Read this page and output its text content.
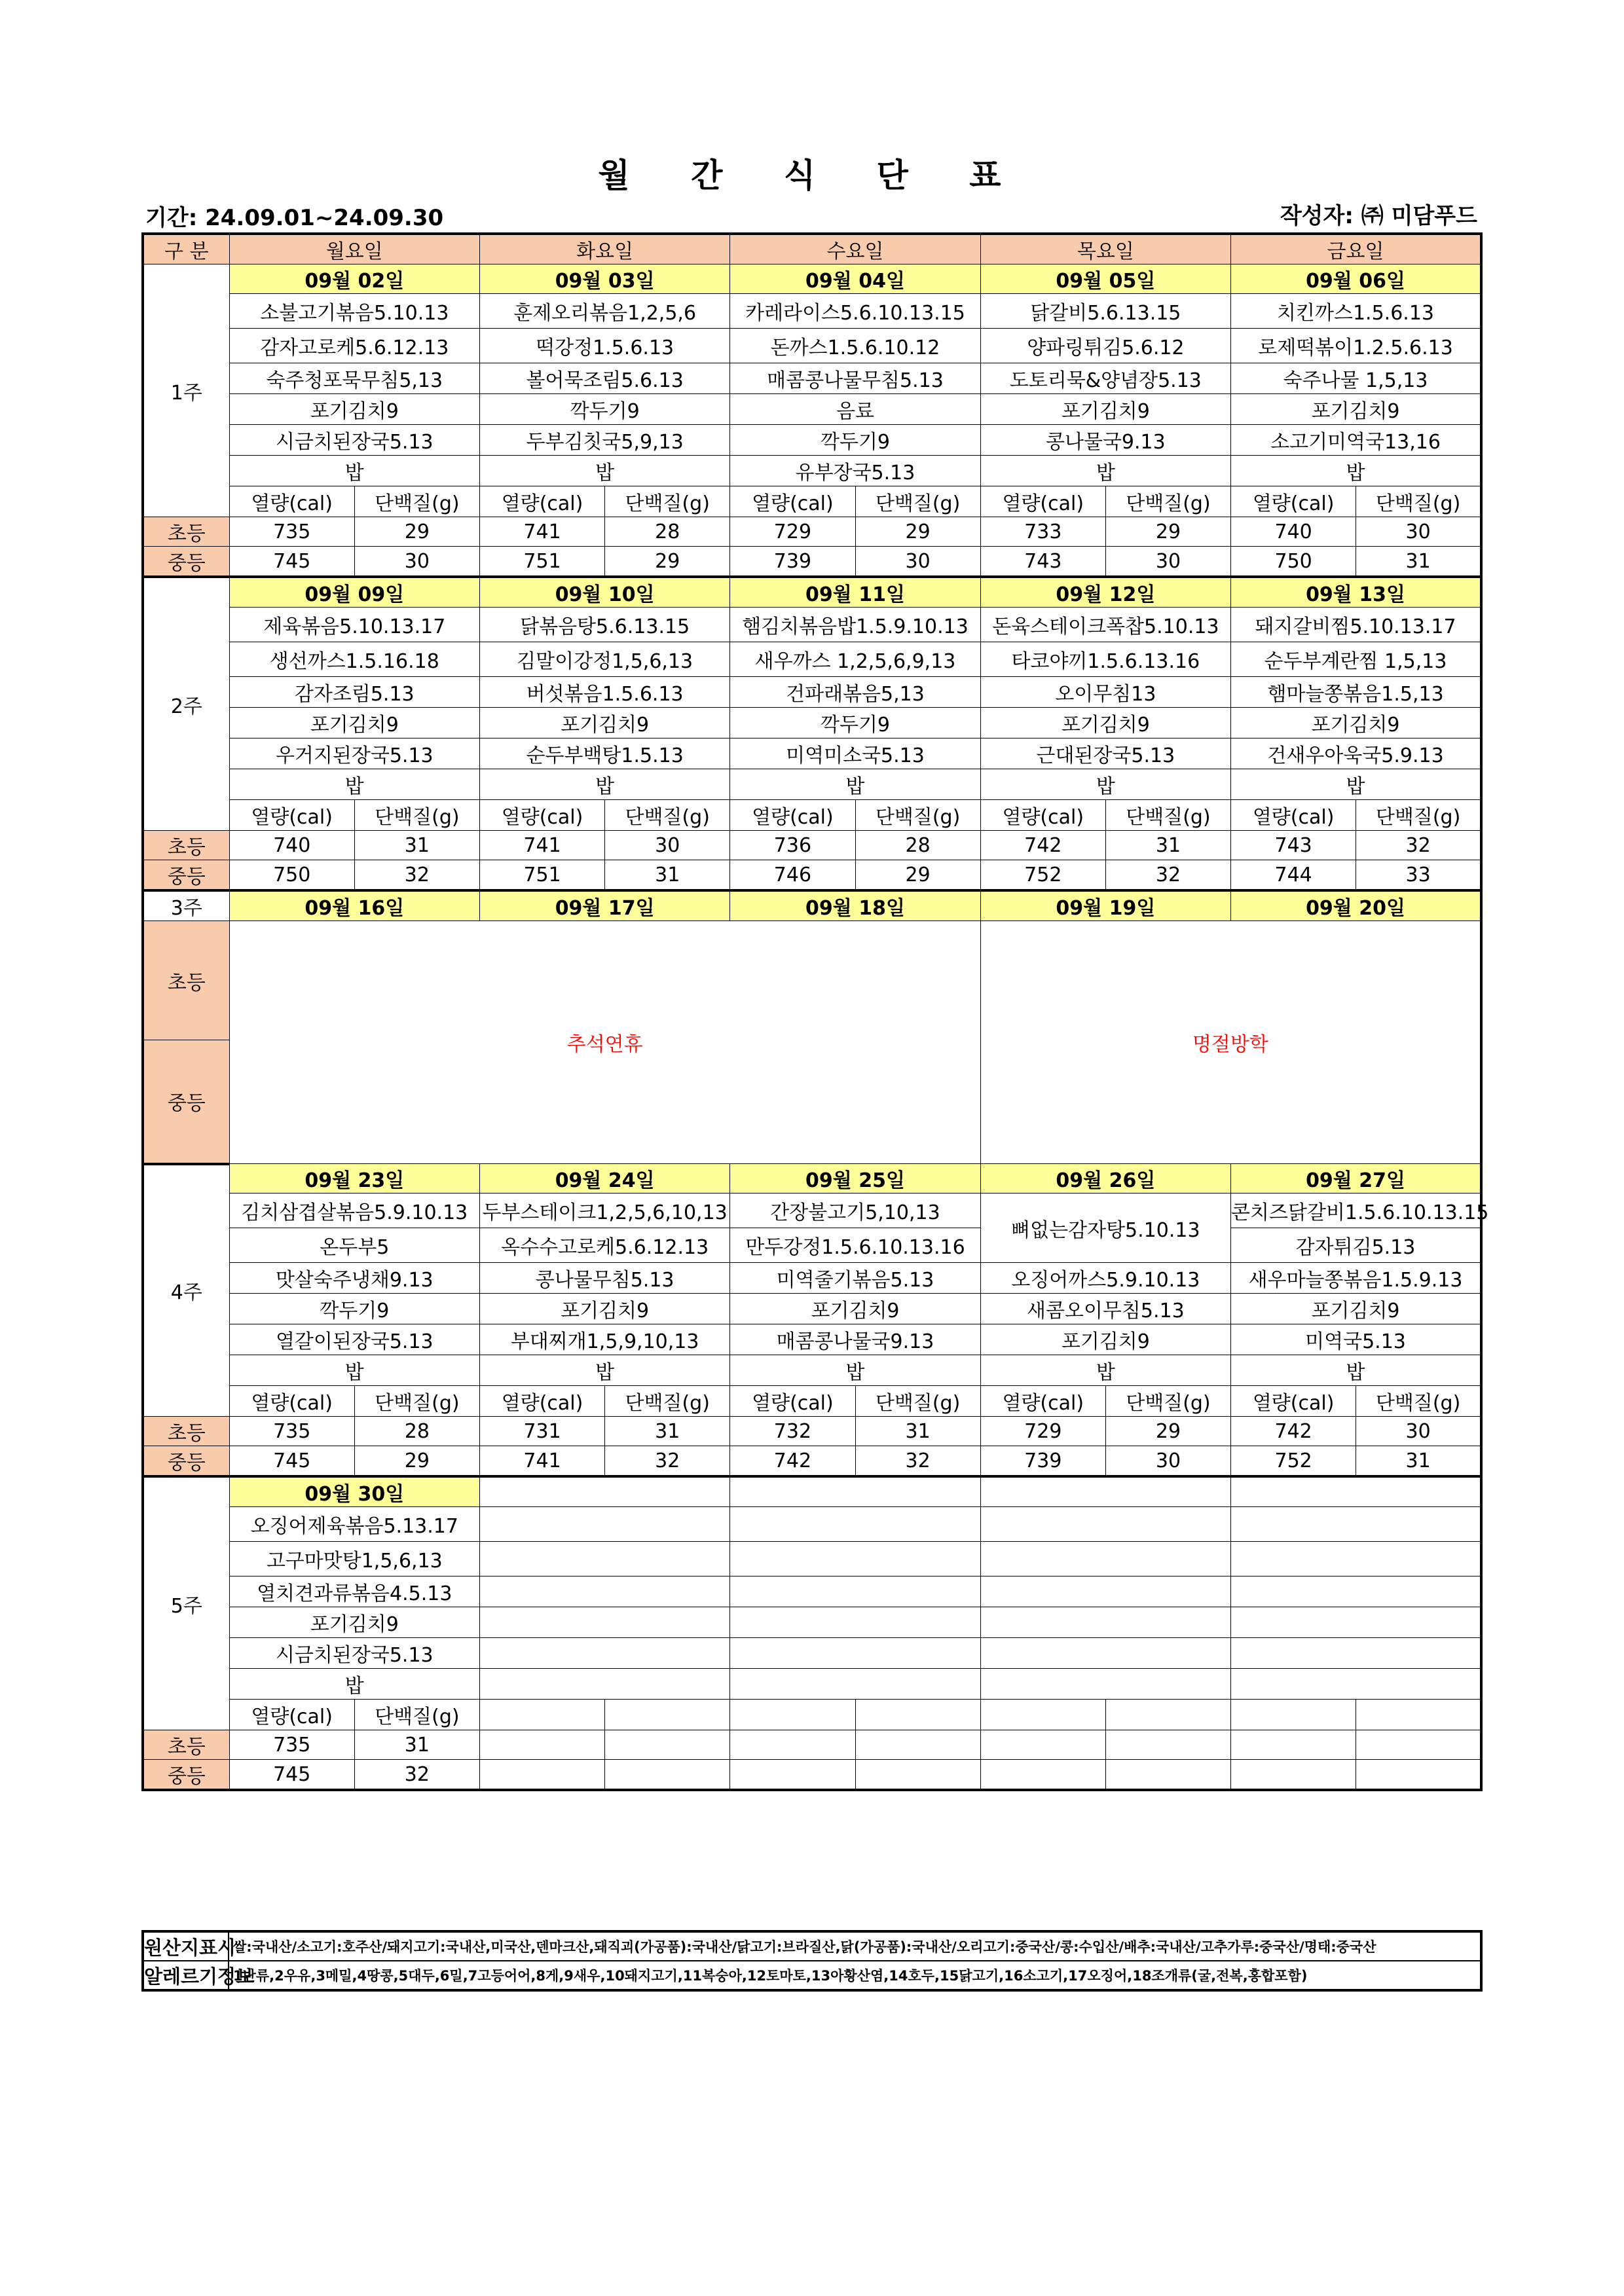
월 간 식 단 표
기간: 24.09.01~24.09.30	작성자: ㈜ 미담푸드
구 분	월요일		화요일		수요일		목요일		금요일	
1주	09월 02일		09월 03일		09월 04일		09월 05일		09월 06일	
	소불고기볶음5.10.13		훈제오리볶음1,2,5,6		카레라이스5.6.10.13.15		닭갈비5.6.13.15		치킨까스1.5.6.13	
	감자고로케5.6.12.13		떡강정1.5.6.13		돈까스1.5.6.10.12		양파링튀김5.6.12		로제떡볶이1.2.5.6.13	
	숙주청포묵무침5,13		볼어묵조림5.6.13		매콤콩나물무침5.13		도토리묵&양념장5.13		숙주나물 1,5,13	
	포기김치9		깍두기9		음료		포기김치9		포기김치9	
	시금치된장국5.13		두부김칫국5,9,13		깍두기9		콩나물국9.13		소고기미역국13,16	
	밥		밥		유부장국5.13		밥		밥	
	열량(cal)	단백질(g)	열량(cal)	단백질(g)	열량(cal)	단백질(g)	열량(cal)	단백질(g)	열량(cal)	단백질(g)
초등	735	29	741	28	729	29	733	29	740	30
중등	745	30	751	29	739	30	743	30	750	31
2주	09월 09일		09월 10일		09월 11일		09월 12일		09월 13일	
	제육볶음5.10.13.17		닭볶음탕5.6.13.15		햄김치볶음밥1.5.9.10.13		돈육스테이크폭찹5.10.13		돼지갈비찜5.10.13.17	
	생선까스1.5.16.18		김말이강정1,5,6,13		새우까스 1,2,5,6,9,13		타코야끼1.5.6.13.16		순두부계란찜 1,5,13	
	감자조림5.13		버섯볶음1.5.6.13		건파래볶음5,13		오이무침13		햄마늘쫑볶음1.5,13	
	포기김치9		포기김치9		깍두기9		포기김치9		포기김치9	
	우거지된장국5.13		순두부백탕1.5.13		미역미소국5.13		근대된장국5.13		건새우아욱국5.9.13	
	밥		밥		밥		밥		밥	
	열량(cal)	단백질(g)	열량(cal)	단백질(g)	열량(cal)	단백질(g)	열량(cal)	단백질(g)	열량(cal)	단백질(g)
초등	740	31	741	30	736	28	742	31	743	32
중등	750	32	751	31	746	29	752	32	744	33
3주	09월 16일		09월 17일		09월 18일		09월 19일		09월 20일	
	추석연휴						명절방학			
초등										
중등										
4주	09월 23일		09월 24일		09월 25일		09월 26일		09월 27일	
	김치삼겹살볶음5.9.10.13		두부스테이크1,2,5,6,10,13		간장불고기5,10,13		뼈없는감자탕5.10.13		콘치즈닭갈비1.5.6.10.13.15	
	온두부5		옥수수고로케5.6.12.13		만두강정1.5.6.10.13.16				감자튀김5.13	
	맛살숙주냉채9.13		콩나물무침5.13		미역줄기볶음5.13		오징어까스5.9.10.13		새우마늘쫑볶음1.5.9.13	
	깍두기9		포기김치9		포기김치9		새콤오이무침5.13		포기김치9	
	열갈이된장국5.13		부대찌개1,5,9,10,13		매콤콩나물국9.13		포기김치9		미역국5.13	
	밥		밥		밥		밥		밥	
	열량(cal)	단백질(g)	열량(cal)	단백질(g)	열량(cal)	단백질(g)	열량(cal)	단백질(g)	열량(cal)	단백질(g)
초등	735	28	731	31	732	31	729	29	742	30
중등	745	29	741	32	742	32	739	30	752	31
5주	09월 30일									
	오징어제육볶음5.13.17									
	고구마맛탕1,5,6,13									
	열치견과류볶음4.5.13									
	포기김치9									
	시금치된장국5.13									
	밥									
	열량(cal)	단백질(g)								
초등	735	31								
중등	745	32								
원산지표시	쌀:국내산/소고기:호주산/돼지고기:국내산,미국산,덴마크산,돼직괴(가공품):국내산/닭고기:브라질산,닭(가공품):국내산/오리고기:중국산/콩:수입산/배추:국내산/고추가루:중국산/명태:중국산
알레르기정보	1난류,2우유,3메밀,4땅콩,5대두,6밀,7고등어어,8게,9새우,10돼지고기,11복숭아,12토마토,13아황산염,14호두,15닭고기,16소고기,17오징어,18조개류(굴,전복,홍합포함)
